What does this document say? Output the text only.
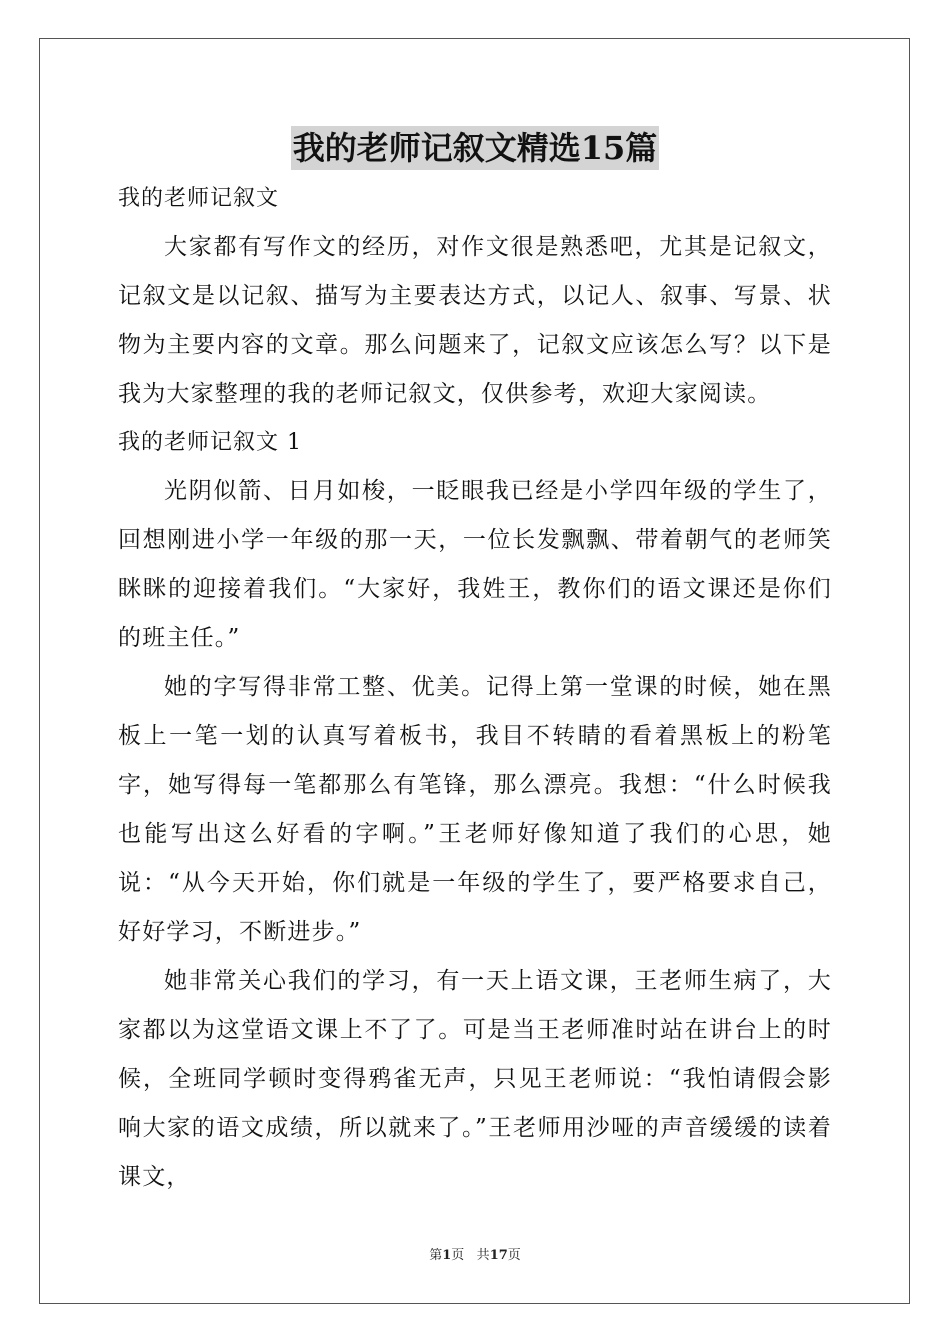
我的老师记叙文精选15篇

我的老师记叙文

大家都有写作文的经历，对作文很是熟悉吧，尤其是记叙文，记叙文是以记叙、描写为主要表达方式，以记人、叙事、写景、状物为主要内容的文章。那么问题来了，记叙文应该怎么写？以下是我为大家整理的我的老师记叙文，仅供参考，欢迎大家阅读。

我的老师记叙文 1

光阴似箭、日月如梭，一眨眼我已经是小学四年级的学生了，回想刚进小学一年级的那一天，一位长发飘飘、带着朝气的老师笑眯眯的迎接着我们。“大家好，我姓王，教你们的语文课还是你们的班主任。”

她的字写得非常工整、优美。记得上第一堂课的时候，她在黑板上一笔一划的认真写着板书，我目不转睛的看着黑板上的粉笔字，她写得每一笔都那么有笔锋，那么漂亮。我想：“什么时候我也能写出这么好看的字啊。”王老师好像知道了我们的心思，她说：“从今天开始，你们就是一年级的学生了，要严格要求自己，好好学习，不断进步。”

她非常关心我们的学习，有一天上语文课，王老师生病了，大家都以为这堂语文课上不了了。可是当王老师准时站在讲台上的时候，全班同学顿时变得鸦雀无声，只见王老师说：“我怕请假会影响大家的语文成绩，所以就来了。”王老师用沙哑的声音缓缓的读着课文，

第1页 共17页
